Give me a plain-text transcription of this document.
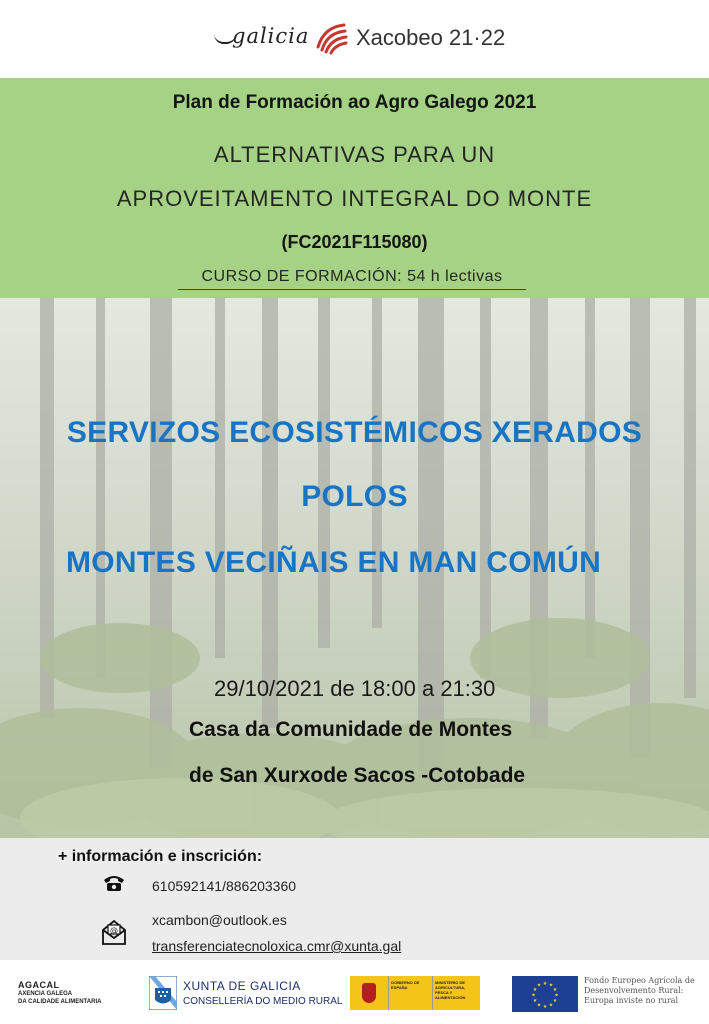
galicia Xacobeo 21·22
Plan de Formación ao Agro Galego 2021
ALTERNATIVAS PARA UN
APROVEITAMENTO INTEGRAL DO MONTE
(FC2021F115080)
CURSO DE FORMACIÓN: 54 h lectivas
SERVIZOS ECOSISTÉMICOS XERADOS
POLOS
MONTES VECIÑAIS EN MAN COMÚN
29/10/2021 de 18:00 a 21:30
Casa da Comunidade de Montes
de San Xurxode Sacos -Cotobade
+ información e inscrición:
610592141/886203360
@
xcambon@outlook.es
transferenciatecnoloxica.cmr@xunta.gal
AGACAL
AXENCIA GALEGA
DA CALIDADE ALIMENTARIA
XUNTA DE GALICIA
CONSELLERÍA DO MEDIO RURAL
GOBIERNO DE ESPAÑA
MINISTERIO DE AGRICULTURA, PESCA Y ALIMENTACIÓN
★ ★
★
★
★
★
★
★
★
★
★
★
Fondo Europeo Agrícola de
Desenvolvemento Rural:
Europa inviste no rural
